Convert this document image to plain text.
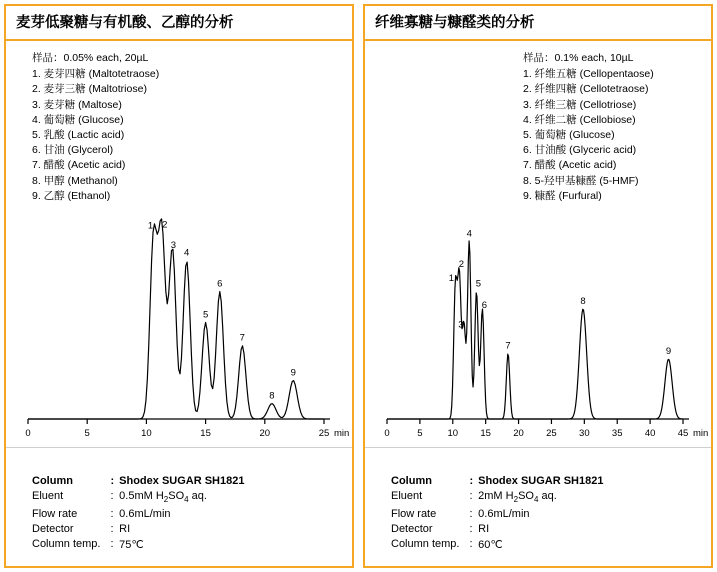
麦芽低聚糖与有机酸、乙醇的分析
样品：0.05% each, 20µL
1. 麦芽四糖 (Maltotetraose)
2. 麦芽三糖 (Maltotriose)
3. 麦芽糖 (Maltose)
4. 葡萄糖 (Glucose)
5. 乳酸 (Lactic acid)
6. 甘油 (Glycerol)
7. 醋酸 (Acetic acid)
8. 甲醇 (Methanol)
9. 乙醇 (Ethanol)
0	5	10	15	20	25 min
1 2
3
4
5
6
7
8
9
Column	:	Shodex SUGAR SH1821
Eluent	:	0.5mM $H_2SO_4$ aq.
Flow rate	:	0.6mL/min
Detector	:	RI
Column temp.	:	75℃
纤维寡糖与糠醛类的分析
样品：0.1% each, 10µL
1. 纤维五糖 (Cellopentaose)
2. 纤维四糖 (Cellotetraose)
3. 纤维三糖 (Cellotriose)
4. 纤维二糖 (Cellobiose)
5. 葡萄糖 (Glucose)
6. 甘油酸 (Glyceric acid)
7. 醋酸 (Acetic acid)
8. 5-羟甲基糠醛 (5-HMF)
9. 糠醛 (Furfural)
0	5	10 15 20 25 30 35 40 45 min
1
2
3
4
5
6
7
8
9
Column	:	Shodex SUGAR SH1821
Eluent	:	2mM $H_2SO_4$ aq.
Flow rate	:	0.6mL/min
Detector	:	RI
Column temp.	:	60℃
